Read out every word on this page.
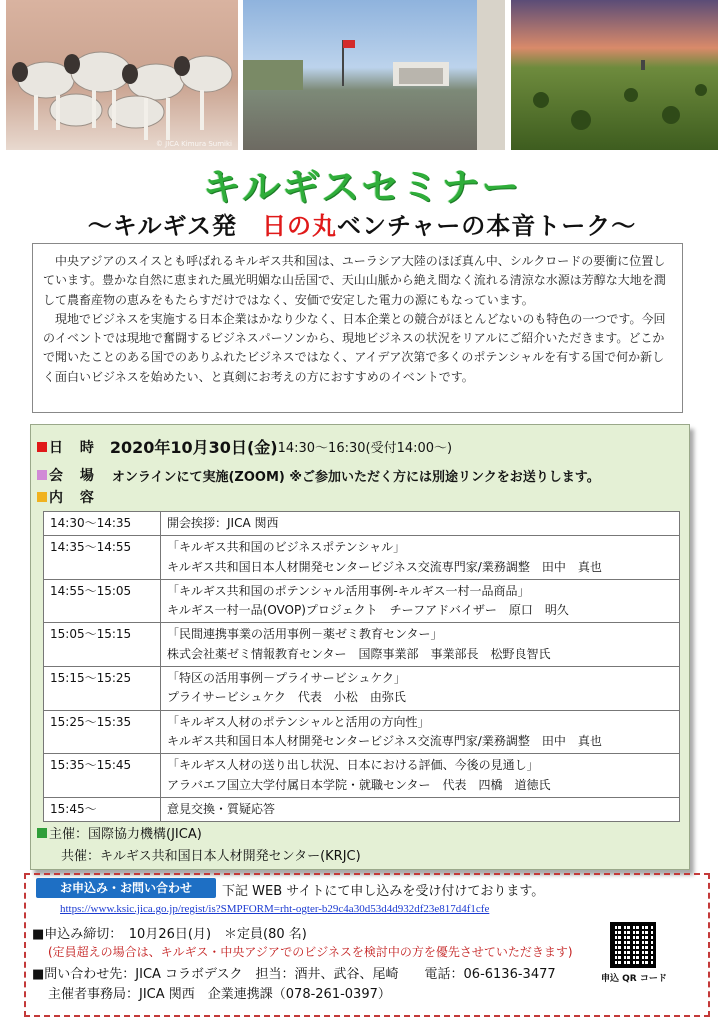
© JICA Kimura Sumiki
キルギスセミナー
～キルギス発　日の丸ベンチャーの本音トーク～

中央アジアのスイスとも呼ばれるキルギス共和国は、ユーラシア大陸のほぼ真ん中、シルクロードの要衝に位置しています。豊かな自然に恵まれた風光明媚な山岳国で、天山山脈から絶え間なく流れる清涼な水源は芳醇な大地を潤して農畜産物の恵みをもたらすだけではなく、安価で安定した電力の源にもなっています。

現地でビジネスを実施する日本企業はかなり少なく、日本企業との競合がほとんどないのも特色の一つです。今回のイベントでは現地で奮闘するビジネスパーソンから、現地ビジネスの状況をリアルにご紹介いただきます。どこかで聞いたことのある国でのありふれたビジネスではなく、アイデア次第で多くのポテンシャルを有する国で何か新しく面白いビジネスを始めたい、と真剣にお考えの方におすすめのイベントです。

日 時 2020年10月30日(金) 14:30～16:30(受付14:00～)
会 場 オンラインにて実施(ZOOM) ※ご参加いただく方には別途リンクをお送りします。
内 容
14:30～14:35	開会挨拶：JICA 関西

14:35～14:55	「キルギス共和国のビジネスポテンシャル」
キルギス共和国日本人材開発センタービジネス交流専門家/業務調整　田中　真也

14:55～15:05	「キルギス共和国のポテンシャル活用事例-キルギス一村一品商品」
キルギス一村一品(OVOP)プロジェクト　チーフアドバイザー　原口　明久

15:05～15:15	「民間連携事業の活用事例－薬ゼミ教育センター」
株式会社薬ゼミ情報教育センター　国際事業部　事業部長　松野良智氏

15:15～15:25	「特区の活用事例－プライサービシュケク」
プライサービシュケク　代表　小松　由弥氏

15:25～15:35	「キルギス人材のポテンシャルと活用の方向性」
キルギス共和国日本人材開発センタービジネス交流専門家/業務調整　田中　真也

15:35～15:45	「キルギス人材の送り出し状況、日本における評価、今後の見通し」
アラバエフ国立大学付属日本学院・就職センター　代表　四橋　道徳氏

15:45～	意見交換・質疑応答
主催：国際協力機構(JICA)
共催：キルギス共和国日本人材開発センター(KRJC)
お申込み・お問い合わせ	下記 WEB サイトにて申し込みを受け付けております。
https://www.ksic.jica.go.jp/regist/is?SMPFORM=rht-ogter-b29c4a30d53d4d932df23e817d4f1cfe
■申込み締切：　10月26日(月)　＊定員(80 名)
(定員超えの場合は、キルギス・中央アジアでのビジネスを検討中の方を優先させていただきます)
■問い合わせ先：JICA コラボデスク　担当：酒井、武谷、尾崎　　電話：06-6136-3477
主催者事務局：JICA 関西　企業連携課（078-261-0397）
申込 QR コード
